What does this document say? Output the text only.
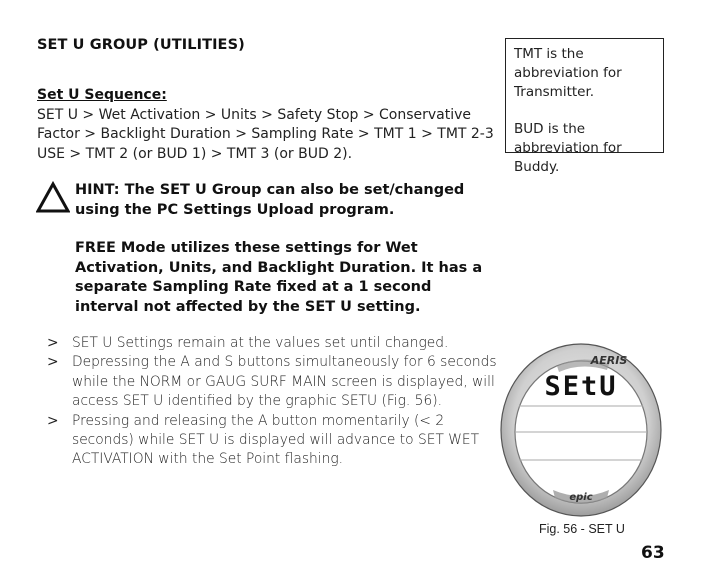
SET U GROUP (UTILITIES)
Set U Sequence:
SET U > Wet Activation > Units > Safety Stop > Conservative Factor > Backlight Duration > Sampling Rate > TMT 1 > TMT 2-3 USE > TMT 2 (or BUD 1) > TMT 3 (or BUD 2).

TMT is the abbreviation for Transmitter.

BUD is the abbreviation for Buddy.

HINT: The SET U Group can also be set/changed using the PC Settings Upload program.

FREE Mode utilizes these settings for Wet Activation, Units, and Backlight Duration. It has a separate Sampling Rate fixed at a 1 second interval not affected by the SET U setting.

> SET U Settings remain at the values set until changed.
> Depressing the A and S buttons simultaneously for 6 seconds while the NORM or GAUG SURF MAIN screen is displayed, will access SET U identified by the graphic SETU (Fig. 56).
> Pressing and releasing the A button momentarily (< 2 seconds) while SET U is displayed will advance to SET WET ACTIVATION with the Set Point flashing.
AERIS
SEtU
epic
Fig. 56 - SET U
63
